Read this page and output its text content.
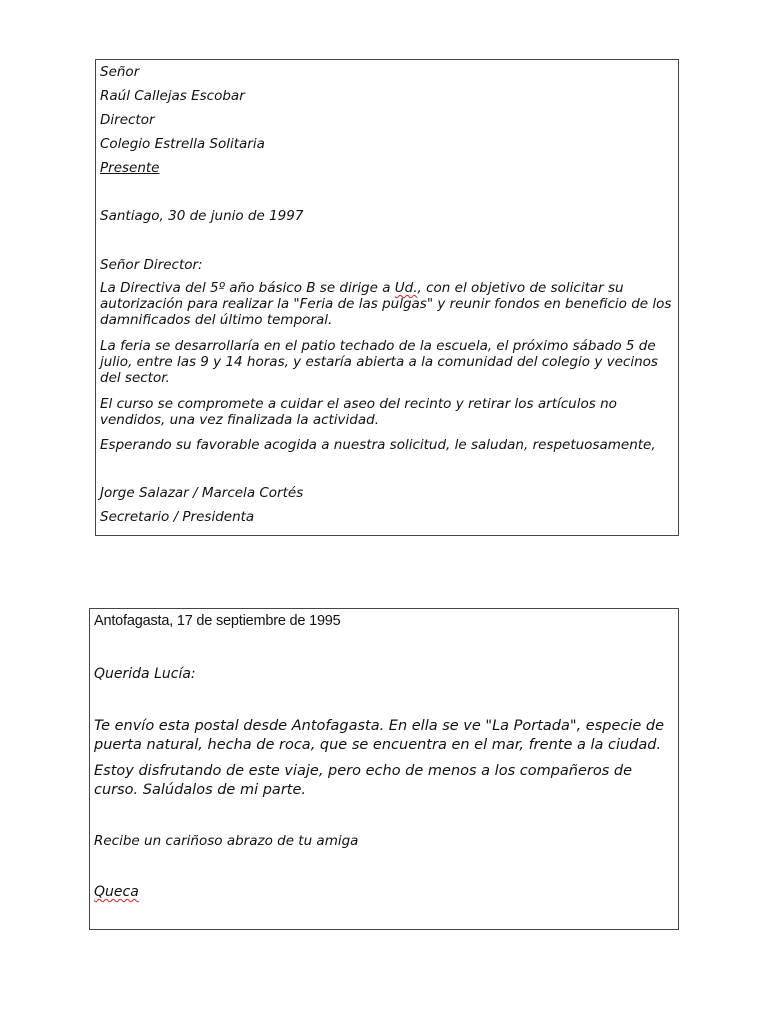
Señor
Raúl Callejas Escobar
Director
Colegio Estrella Solitaria
Presente
Santiago, 30 de junio de 1997
Señor Director:
La Directiva del 5º año básico B se dirige a Ud., con el objetivo de solicitar su autorización para realizar la "Feria de las pulgas" y reunir fondos en beneficio de los damnificados del último temporal.
La feria se desarrollaría en el patio techado de la escuela, el próximo sábado 5 de julio, entre las 9 y 14 horas, y estaría abierta a la comunidad del colegio y vecinos del sector.
El curso se compromete a cuidar el aseo del recinto y retirar los artículos no vendidos, una vez finalizada la actividad.
Esperando su favorable acogida a nuestra solicitud, le saludan, respetuosamente,
Jorge Salazar / Marcela Cortés
Secretario / Presidenta
Antofagasta, 17 de septiembre de 1995
Querida Lucía:
Te envío esta postal desde Antofagasta. En ella se ve "La Portada", especie de puerta natural, hecha de roca, que se encuentra en el mar, frente a la ciudad.
Estoy disfrutando de este viaje, pero echo de menos a los compañeros de curso. Salúdalos de mi parte.
Recibe un cariñoso abrazo de tu amiga
Queca
